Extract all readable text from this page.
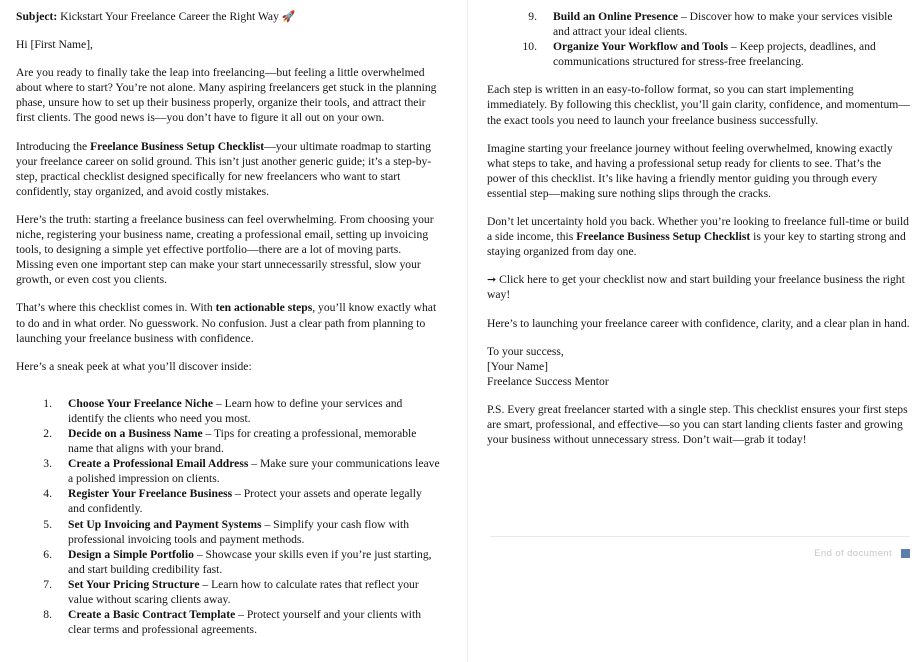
Subject: Kickstart Your Freelance Career the Right Way 🚀

Hi [First Name],

Are you ready to finally take the leap into freelancing—but feeling a little overwhelmed about where to start? You’re not alone. Many aspiring freelancers get stuck in the planning phase, unsure how to set up their business properly, organize their tools, and attract their first clients. The good news is—you don’t have to figure it all out on your own.

Introducing the Freelance Business Setup Checklist—your ultimate roadmap to starting your freelance career on solid ground. This isn’t just another generic guide; it’s a step-by-step, practical checklist designed specifically for new freelancers who want to start confidently, stay organized, and avoid costly mistakes.

Here’s the truth: starting a freelance business can feel overwhelming. From choosing your niche, registering your business name, creating a professional email, setting up invoicing tools, to designing a simple yet effective portfolio—there are a lot of moving parts. Missing even one important step can make your start unnecessarily stressful, slow your growth, or even cost you clients.

That’s where this checklist comes in. With ten actionable steps, you’ll know exactly what to do and in what order. No guesswork. No confusion. Just a clear path from planning to launching your freelance business with confidence.

Here’s a sneak peek at what you’ll discover inside:

1. Choose Your Freelance Niche – Learn how to define your services and identify the clients who need you most.
2. Decide on a Business Name – Tips for creating a professional, memorable name that aligns with your brand.
3. Create a Professional Email Address – Make sure your communications leave a polished impression on clients.
4. Register Your Freelance Business – Protect your assets and operate legally and confidently.
5. Set Up Invoicing and Payment Systems – Simplify your cash flow with professional invoicing tools and payment methods.
6. Design a Simple Portfolio – Showcase your skills even if you’re just starting, and start building credibility fast.
7. Set Your Pricing Structure – Learn how to calculate rates that reflect your value without scaring clients away.
8. Create a Basic Contract Template – Protect yourself and your clients with clear terms and professional agreements.
9. Build an Online Presence – Discover how to make your services visible and attract your ideal clients.
10. Organize Your Workflow and Tools – Keep projects, deadlines, and communications structured for stress-free freelancing.

Each step is written in an easy-to-follow format, so you can start implementing immediately. By following this checklist, you’ll gain clarity, confidence, and momentum—the exact tools you need to launch your freelance business successfully.

Imagine starting your freelance journey without feeling overwhelmed, knowing exactly what steps to take, and having a professional setup ready for clients to see. That’s the power of this checklist. It’s like having a friendly mentor guiding you through every essential step—making sure nothing slips through the cracks.

Don’t let uncertainty hold you back. Whether you’re looking to freelance full-time or build a side income, this Freelance Business Setup Checklist is your key to starting strong and staying organized from day one.

➞ Click here to get your checklist now and start building your freelance business the right way!

Here’s to launching your freelance career with confidence, clarity, and a clear plan in hand.

To your success,

[Your Name]

Freelance Success Mentor

P.S. Every great freelancer started with a single step. This checklist ensures your first steps are smart, professional, and effective—so you can start landing clients faster and growing your business without unnecessary stress. Don’t wait—grab it today!

End of document
